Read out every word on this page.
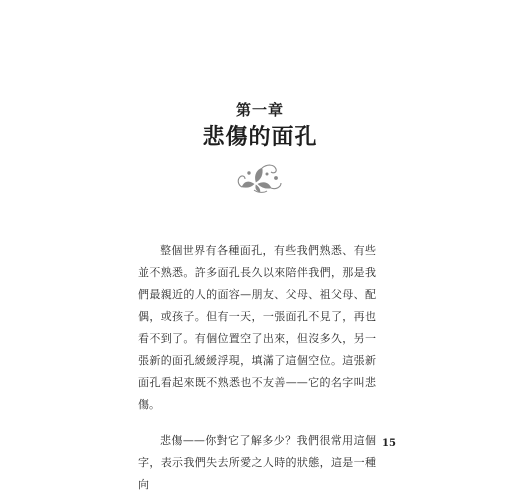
第一章
悲傷的面孔

整個世界有各種面孔，有些我們熟悉、有些並不熟悉。許多面孔長久以來陪伴我們，那是我們最親近的人的面容—朋友、父母、祖父母、配偶，或孩子。但有一天，一張面孔不見了，再也看不到了。有個位置空了出來，但沒多久，另一張新的面孔緩緩浮現，填滿了這個空位。這張新面孔看起來既不熟悉也不友善——它的名字叫悲傷。

悲傷——你對它了解多少？我們很常用這個字，表示我們失去所愛之人時的狀態，這是一種向

15
